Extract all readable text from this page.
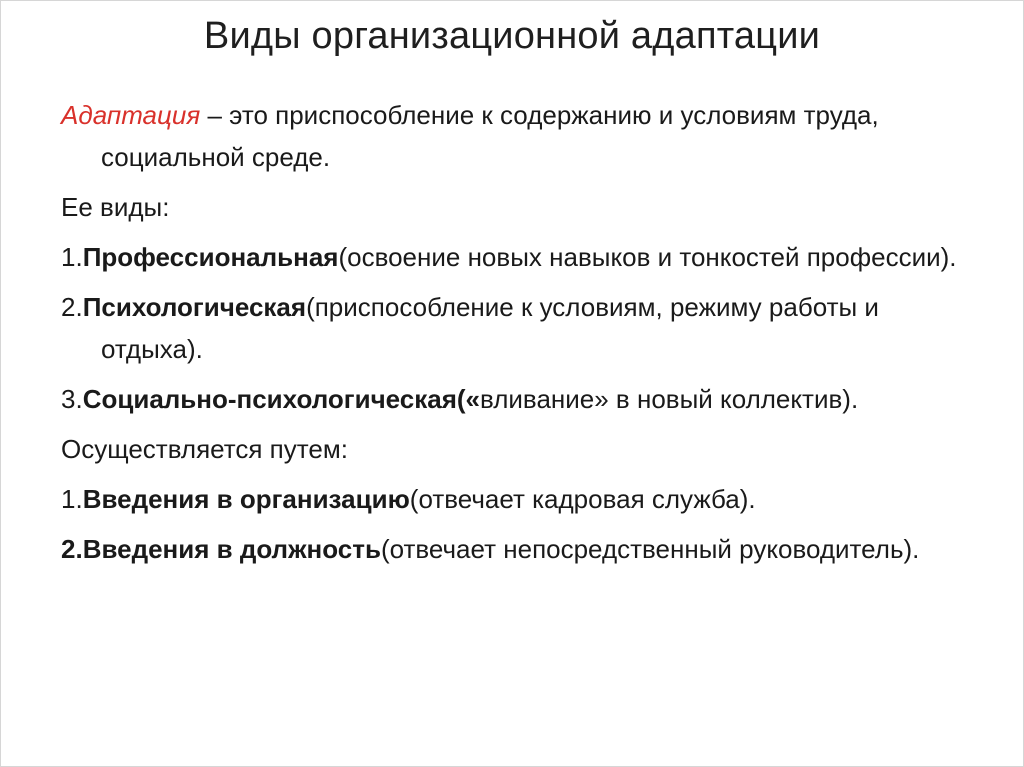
Виды организационной адаптации

Адаптация – это приспособление к содержанию и условиям труда, социальной среде.

Ее виды:

1.Профессиональная(освоение новых навыков и тонкостей профессии).

2.Психологическая(приспособление к условиям, режиму работы и отдыха).

3.Социально-психологическая(«вливание» в новый коллектив).

Осуществляется путем:

1.Введения в организацию(отвечает кадровая служба).

2.Введения в должность(отвечает непосредственный руководитель).
